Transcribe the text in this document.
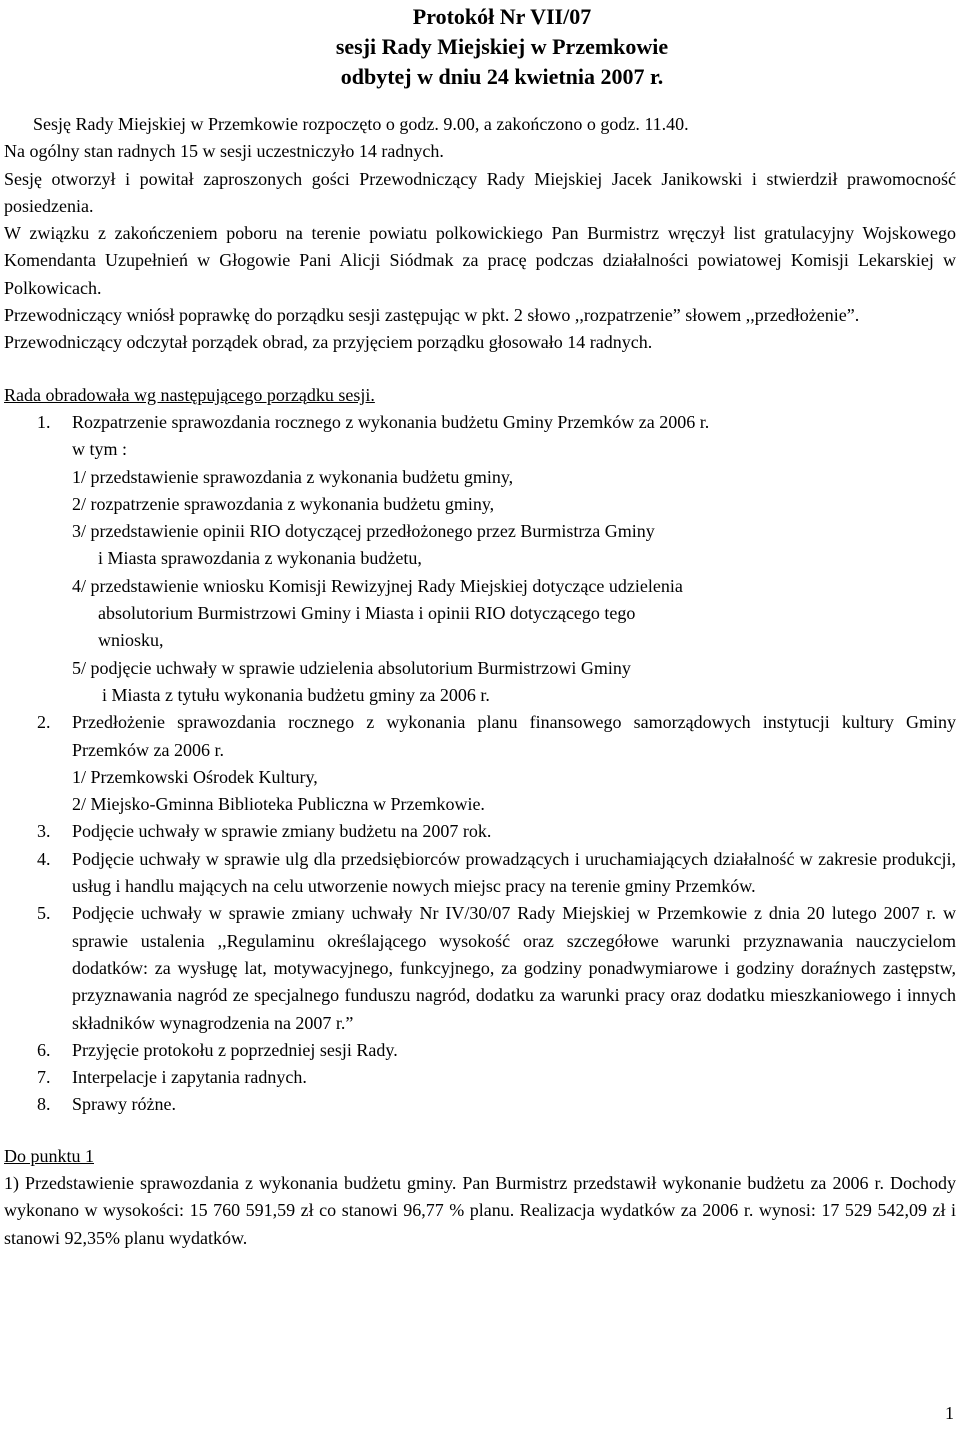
Protokół Nr VII/07
sesji Rady Miejskiej w Przemkowie
odbytej w dniu 24 kwietnia 2007 r.

Sesję Rady Miejskiej w Przemkowie rozpoczęto o godz. 9.00, a zakończono o godz. 11.40.

Na ogólny stan radnych 15 w sesji uczestniczyło 14 radnych.

Sesję otworzył i powitał zaproszonych gości Przewodniczący Rady Miejskiej Jacek Janikowski i stwierdził prawomocność posiedzenia.

W związku z zakończeniem poboru na terenie powiatu polkowickiego Pan Burmistrz wręczył list gratulacyjny Wojskowego Komendanta Uzupełnień w Głogowie Pani Alicji Siódmak za pracę podczas działalności powiatowej Komisji Lekarskiej w Polkowicach.

Przewodniczący wniósł poprawkę do porządku sesji zastępując w pkt. 2 słowo ,,rozpatrzenie” słowem ,,przedłożenie”.

Przewodniczący odczytał porządek obrad, za przyjęciem porządku głosowało 14 radnych.

Rada obradowała wg następującego porządku sesji.

1. Rozpatrzenie sprawozdania rocznego z wykonania budżetu Gminy Przemków za 2006 r.

w tym :

1/ przedstawienie sprawozdania z wykonania budżetu gminy,

2/ rozpatrzenie sprawozdania z wykonania budżetu gminy,

3/ przedstawienie opinii RIO dotyczącej przedłożonego przez Burmistrza Gminy

i Miasta sprawozdania z wykonania budżetu,

4/ przedstawienie wniosku Komisji Rewizyjnej Rady Miejskiej dotyczące udzielenia

absolutorium Burmistrzowi Gminy i Miasta i opinii RIO dotyczącego tego

wniosku,

5/ podjęcie uchwały w sprawie udzielenia absolutorium Burmistrzowi Gminy

i Miasta z tytułu wykonania budżetu gminy za 2006 r.

2. Przedłożenie sprawozdania rocznego z wykonania planu finansowego samorządowych instytucji kultury Gminy Przemków za 2006 r.

1/ Przemkowski Ośrodek Kultury,

2/ Miejsko-Gminna Biblioteka Publiczna w Przemkowie.

3. Podjęcie uchwały w sprawie zmiany budżetu na 2007 rok.

4. Podjęcie uchwały w sprawie ulg dla przedsiębiorców prowadzących i uruchamiających działalność w zakresie produkcji, usług i handlu mających na celu utworzenie nowych miejsc pracy na terenie gminy Przemków.

5. Podjęcie uchwały w sprawie zmiany uchwały Nr IV/30/07 Rady Miejskiej w Przemkowie z dnia 20 lutego 2007 r. w sprawie ustalenia ,,Regulaminu określającego wysokość oraz szczegółowe warunki przyznawania nauczycielom dodatków: za wysługę lat, motywacyjnego, funkcyjnego, za godziny ponadwymiarowe i godziny doraźnych zastępstw, przyznawania nagród ze specjalnego funduszu nagród, dodatku za warunki pracy oraz dodatku mieszkaniowego i innych składników wynagrodzenia na 2007 r.”

6. Przyjęcie protokołu z poprzedniej sesji Rady.

7. Interpelacje i zapytania radnych.

8. Sprawy różne.

Do punktu 1

1) Przedstawienie sprawozdania z wykonania budżetu gminy. Pan Burmistrz przedstawił wykonanie budżetu za 2006 r. Dochody wykonano w wysokości: 15 760 591,59 zł co stanowi 96,77 % planu. Realizacja wydatków za 2006 r. wynosi: 17 529 542,09 zł i stanowi 92,35% planu wydatków.

1
